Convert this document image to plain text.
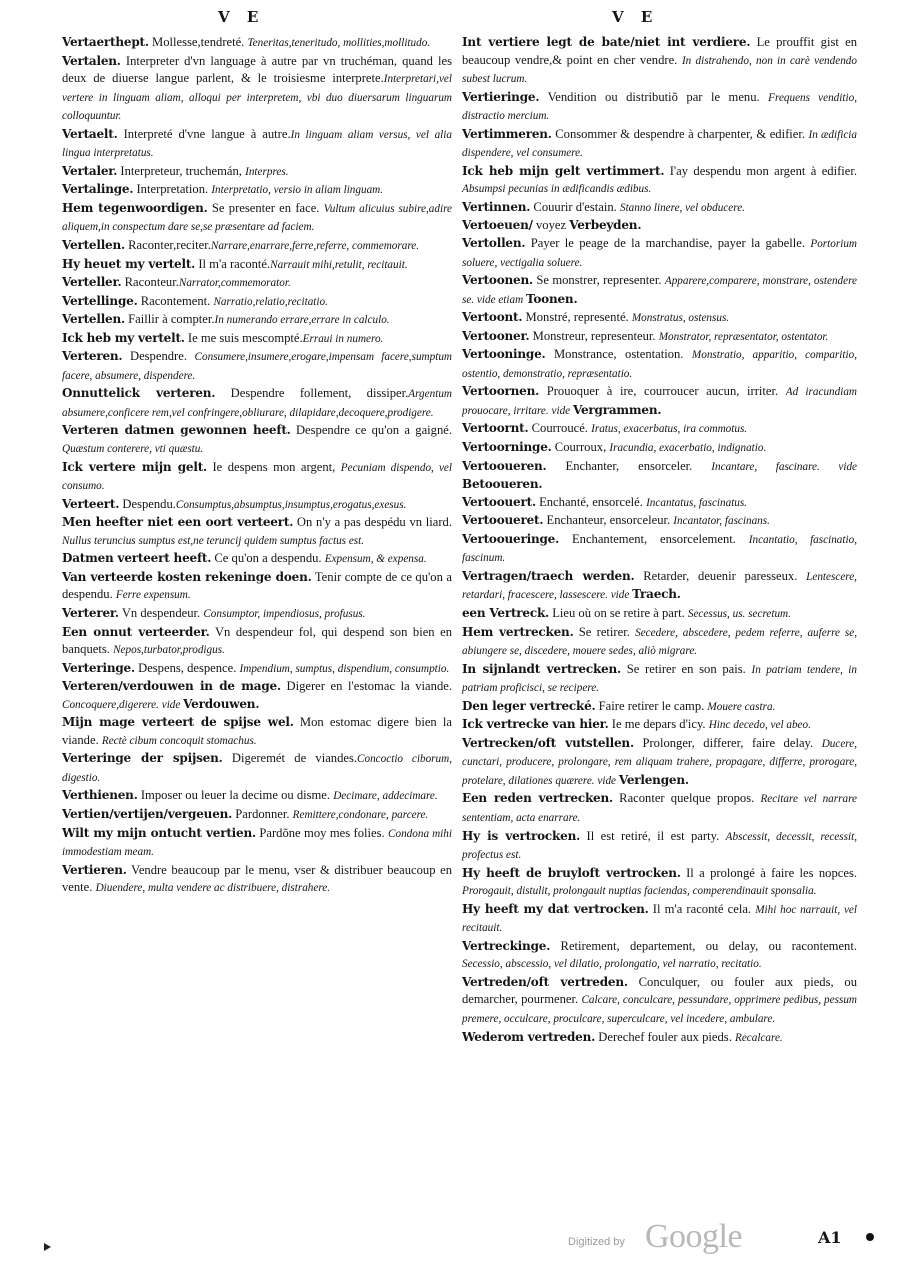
V E	V E
Vertaerthept. Mollesse,tendreté. Teneritas,teneritudo, mollities,mollitudo.
Vertalen. Interpreter d'vn language à autre par vn truchéman, quand les deux de diuerse langue parlent, & le troisiesme interprete.Interpretari,vel vertere in linguam aliam, alloqui per interpretem, vbi duo diuersarum linguarum colloquuntur.
Vertaelt. Interpreté d'vne langue à autre.In linguam aliam versus, vel alia lingua interpretatus.
Vertaler. Interpreteur, truchemán, Interpres.
Vertalinge. Interpretation. Interpretatio, versio in aliam linguam.
Hem tegenwoordigen. Se presenter en face. Vultum alicuius subire,adire aliquem,in conspectum dare se,se præsentare ad faciem.
Vertellen. Raconter,reciter.Narrare,enarrare,ferre,referre, commemorare.
Hy heuet my vertelt. Il m'a raconté.Narrauit mihi,retulit, recitauit.
Verteller. Raconteur.Narrator,commemorator.
Vertellinge. Racontement. Narratio,relatio,recitatio.
Vertellen. Faillir à compter.In numerando errare,errare in calculo.
Ick heb my vertelt. Ie me suis mescompté.Erraui in numero.
Verteren. Despendre. Consumere,insumere,erogare,impensam facere,sumptum facere, absumere, dispendere.
Onnuttelick verteren. Despendre follement, dissiper.Argentum absumere,conficere rem,vel confringere,obliurare, dilapidare,decoquere,prodigere.
Verteren datmen gewonnen heeft. Despendre ce qu'on a gaigné. Quæstum conterere, vti quæstu.
Ick vertere mijn gelt. Ie despens mon argent, Pecuniam dispendo, vel consumo.
Verteert. Despendu.Consumptus,absumptus,insumptus,erogatus,exesus.
Men heefter niet een oort verteert. On n'y a pas despédu vn liard. Nullus teruncius sumptus est,ne teruncij quidem sumptus factus est.
Datmen verteert heeft. Ce qu'on a despendu. Expensum, & expensa.
Van verteerde kosten rekeninge doen. Tenir compte de ce qu'on a despendu. Ferre expensum.
Verterer. Vn despendeur. Consumptor, impendiosus, profusus.
Een onnut verteerder. Vn despendeur fol, qui despend son bien en banquets. Nepos,turbator,prodigus.
Verteringe. Despens, despence. Impendium, sumptus, dispendium, consumptio.
Verteren/verdouwen in de mage. Digerer en l'estomac la viande. Concoquere,digerere. vide Verdouwen.
Mijn mage verteert de spijse wel. Mon estomac digere bien la viande. Rectè cibum concoquit stomachus.
Verteringe der spijsen. Digeremét de viandes.Concoctio ciborum, digestio.
Verthienen. Imposer ou leuer la decime ou disme. Decimare, addecimare.
Vertien/vertijen/vergeuen. Pardonner. Remittere,condonare, parcere.
Wilt my mijn ontucht vertien. Pardõne moy mes folies. Condona mihi immodestiam meam.
Vertieren. Vendre beaucoup par le menu, vser & distribuer beaucoup en vente. Diuendere, multa vendere ac distribuere, distrahere.
Int vertiere legt de bate/niet int verdiere. Le prouffit gist en beaucoup vendre,& point en cher vendre. In distrahendo, non in carè vendendo subest lucrum.
Vertieringe. Vendition ou distributiõ par le menu. Frequens venditio, distractio mercium.
Vertimmeren. Consommer & despendre à charpenter, & edifier. In ædificia dispendere, vel consumere.
Ick heb mijn gelt vertimmert. I'ay despendu mon argent à edifier. Absumpsi pecunias in ædificandis ædibus.
Vertinnen. Couurir d'estain. Stanno linere, vel obducere.
Vertoeuen/ voyez Verbeyden.
Vertollen. Payer le peage de la marchandise, payer la gabelle. Portorium soluere, vectigalia soluere.
Vertoonen. Se monstrer, representer. Apparere,comparere, monstrare, ostendere se. vide etiam Toonen.
Vertoont. Monstré, representé. Monstratus, ostensus.
Vertooner. Monstreur, representeur. Monstrator, repræsentator, ostentator.
Vertooninge. Monstrance, ostentation. Monstratio, apparitio, comparitio, ostentio, demonstratio, repræsentatio.
Vertoornen. Prouoquer à ire, courroucer aucun, irriter. Ad iracundiam prouocare, irritare. vide Vergrammen.
Vertoornt. Courroucé. Iratus, exacerbatus, ira commotus.
Vertoorninge. Courroux, Iracundia, exacerbatio, indignatio.
Vertooueren. Enchanter, ensorceler. Incantare, fascinare. vide Betooueren.
Vertoouert. Enchanté, ensorcelé. Incantatus, fascinatus.
Vertooueret. Enchanteur, ensorceleur. Incantator, fascinans.
Vertooueringe. Enchantement, ensorcelement. Incantatio, fascinatio, fascinum.
Vertragen/traech werden. Retarder, deuenir paresseux. Lentescere, retardari, fracescere, lassescere. vide Traech.
een Vertreck. Lieu où on se retire à part. Secessus, us. secretum.
Hem vertrecken. Se retirer. Secedere, abscedere, pedem referre, auferre se, abiungere se, discedere, mouere sedes, aliò migrare.
In sijnlandt vertrecken. Se retirer en son pais. In patriam tendere, in patriam proficisci, se recipere.
Den leger vertrecké. Faire retirer le camp. Mouere castra.
Ick vertrecke van hier. Ie me depars d'icy. Hinc decedo, vel abeo.
Vertrecken/oft vutstellen. Prolonger, differer, faire delay. Ducere, cunctari, producere, prolongare, rem aliquam trahere, propagare, differre, prorogare, protelare, dilationes quærere. vide Verlengen.
Een reden vertrecken. Raconter quelque propos. Recitare vel narrare sententiam, acta enarrare.
Hy is vertrocken. Il est retiré, il est party. Abscessit, decessit, recessit, profectus est.
Hy heeft de bruyloft vertrocken. Il a prolongé à faire les nopces. Prorogauit, distulit, prolongauit nuptias faciendas, comperendinauit sponsalia.
Hy heeft my dat vertrocken. Il m'a raconté cela. Mihi hoc narrauit, vel recitauit.
Vertreckinge. Retirement, departement, ou delay, ou racontement. Secessio, abscessio, vel dilatio, prolongatio, vel narratio, recitatio.
Vertreden/oft vertreden. Conculquer, ou fouler aux pieds, ou demarcher, pourmener. Calcare, conculcare, pessundare, opprimere pedibus, pessum premere, occulcare, proculcare, superculcare, vel incedere, ambulare.
Wederom vertreden. Derechef fouler aux pieds. Recalcare.
Digitized by Google	A1
